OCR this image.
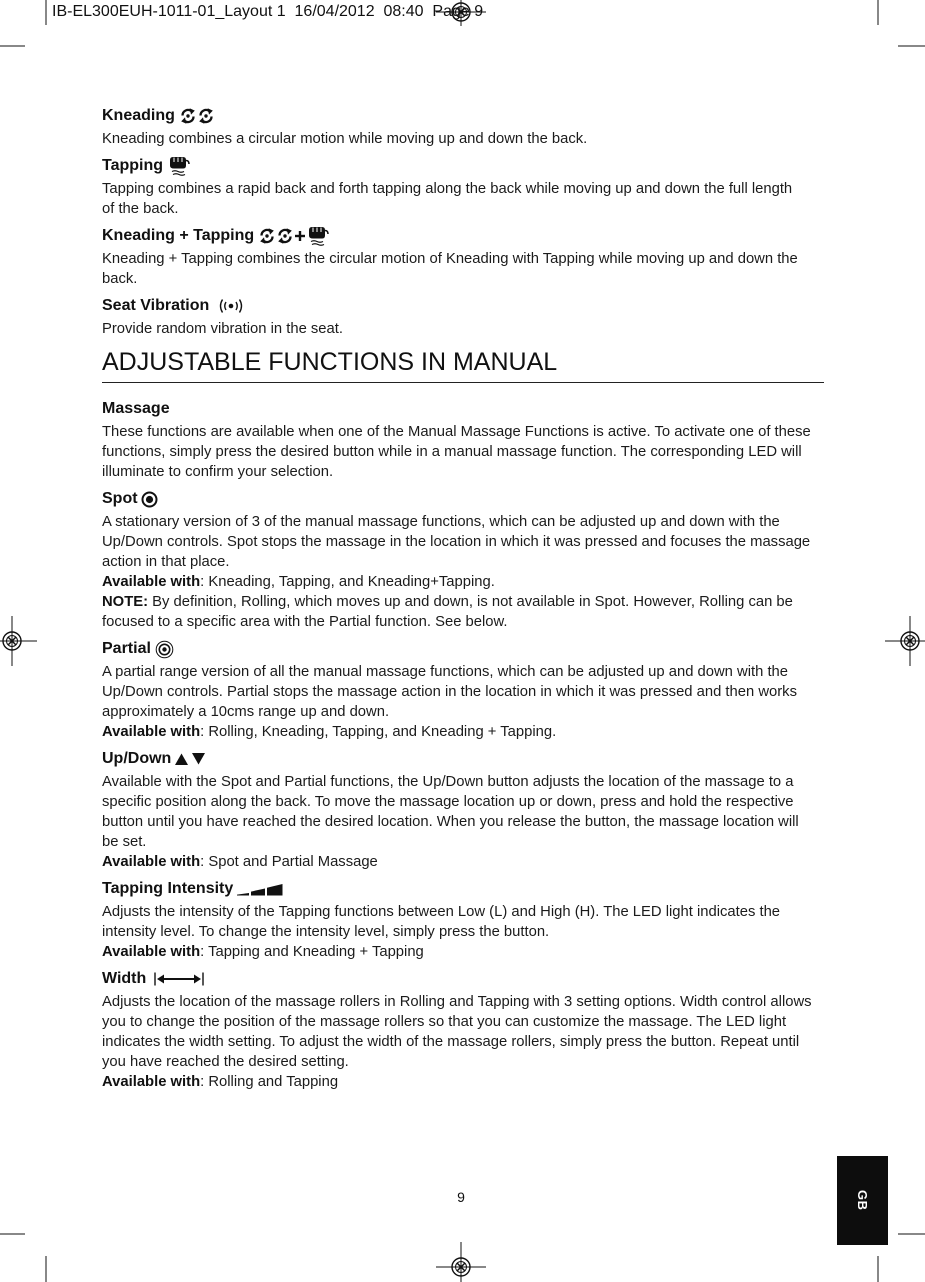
IB-EL300EUH-1011-01_Layout 1  16/04/2012  08:40  Page 9
Kneading
Kneading combines a circular motion while moving up and down the back.
Tapping
Tapping combines a rapid back and forth tapping along the back while moving up and down the full length
of the back.
Kneading + Tapping
Kneading + Tapping combines the circular motion of Kneading with Tapping while moving up and down the
back.
Seat Vibration
Provide random vibration in the seat.
ADJUSTABLE FUNCTIONS IN MANUAL
Massage
These functions are available when one of the Manual Massage Functions is active. To activate one of these
functions, simply press the desired button while in a manual massage function. The corresponding LED will
illuminate to confirm your selection.
Spot
A stationary version of 3 of the manual massage functions, which can be adjusted up and down with the
Up/Down controls. Spot stops the massage in the location in which it was pressed and focuses the massage
action in that place.
Available with: Kneading, Tapping, and Kneading+Tapping.
NOTE: By definition, Rolling, which moves up and down, is not available in Spot. However, Rolling can be
focused to a specific area with the Partial function. See below.
Partial
A partial range version of all the manual massage functions, which can be adjusted up and down with the
Up/Down controls. Partial stops the massage action in the location in which it was pressed and then works
approximately a 10cms range up and down.
Available with: Rolling, Kneading, Tapping, and Kneading + Tapping.
Up/Down
Available with the Spot and Partial functions, the Up/Down button adjusts the location of the massage to a
specific position along the back. To move the massage location up or down, press and hold the respective
button until you have reached the desired location. When you release the button, the massage location will
be set.
Available with: Spot and Partial Massage
Tapping Intensity
Adjusts the intensity of the Tapping functions between Low (L) and High (H). The LED light indicates the
intensity level. To change the intensity level, simply press the button.
Available with: Tapping and Kneading + Tapping
Width
Adjusts the location of the massage rollers in Rolling and Tapping with 3 setting options. Width control allows
you to change the position of the massage rollers so that you can customize the massage. The LED light
indicates the width setting. To adjust the width of the massage rollers, simply press the button. Repeat until
you have reached the desired setting.
Available with: Rolling and Tapping
9	GB
